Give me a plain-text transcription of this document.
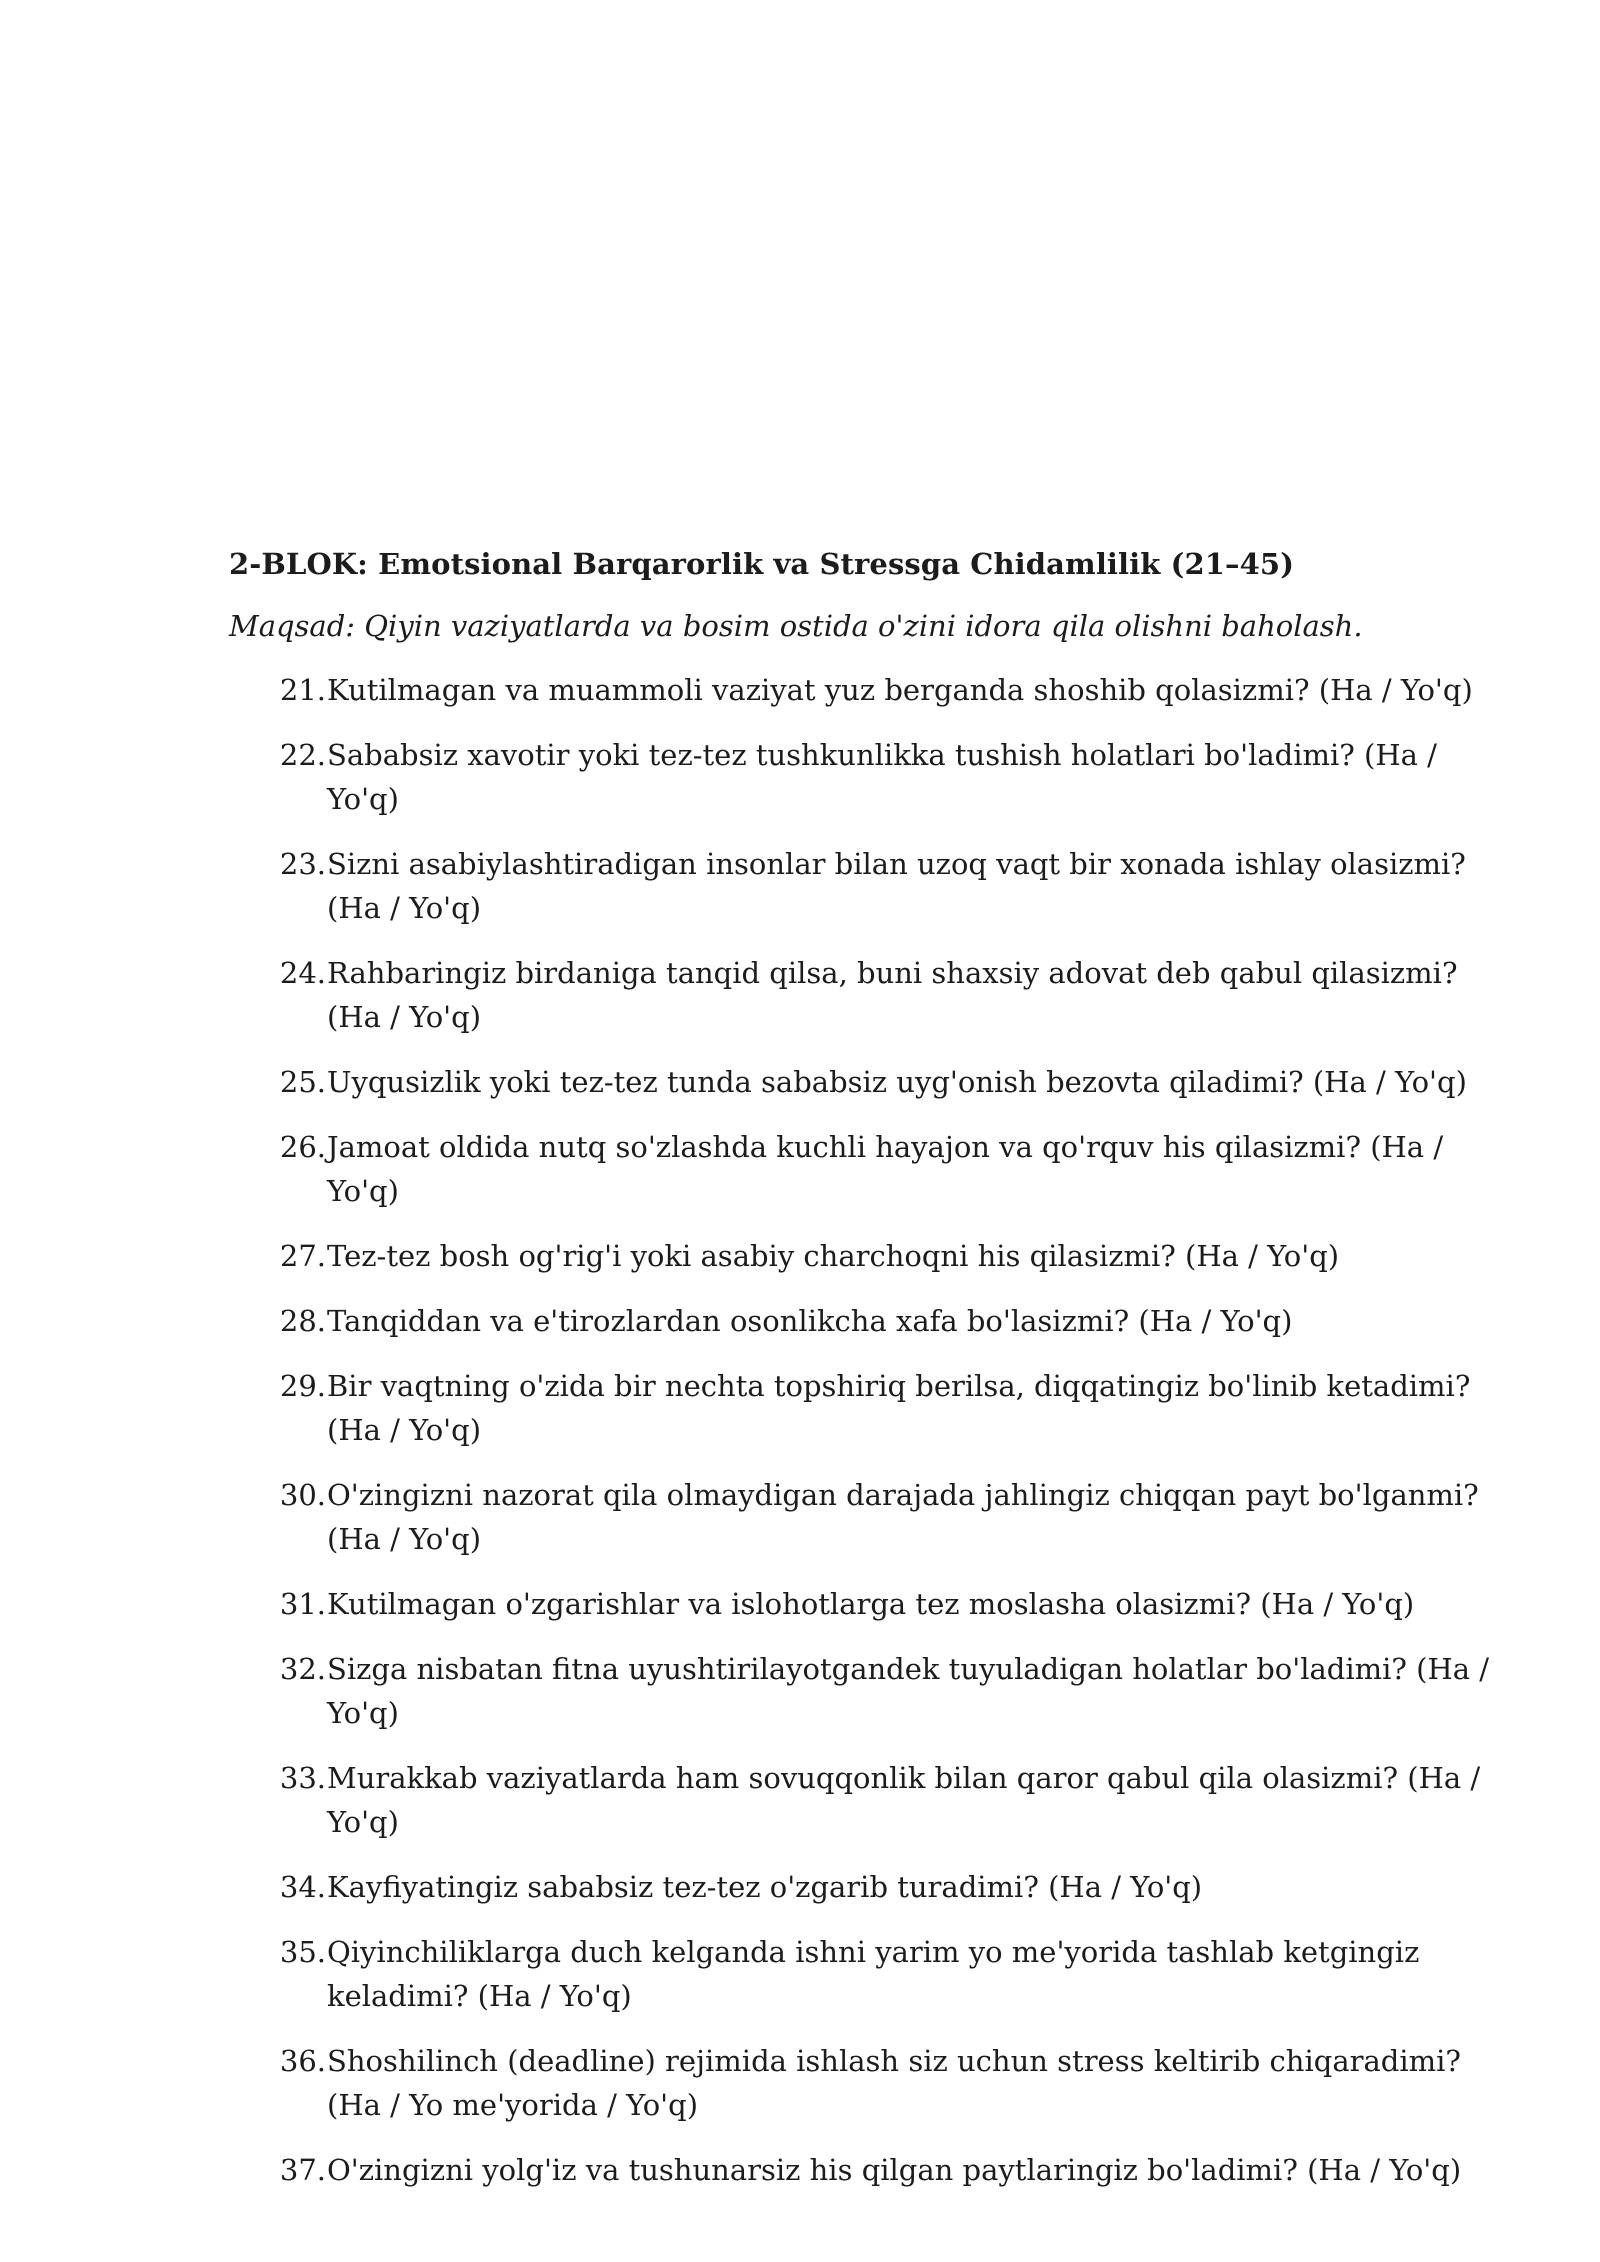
2-BLOK: Emotsional Barqarorlik va Stressga Chidamlilik (21–45)
Maqsad: Qiyin vaziyatlarda va bosim ostida o'zini idora qila olishni baholash.
21 . Kutilmagan va muammoli vaziyat yuz berganda shoshib qolasizmi? (Ha / Yo'q)
22 . Sababsiz xavotir yoki tez-tez tushkunlikka tushish holatlari bo'ladimi? (Ha / Yo'q)
23 . Sizni asabiylashtiradigan insonlar bilan uzoq vaqt bir xonada ishlay olasizmi? (Ha / Yo'q)
24 . Rahbaringiz birdaniga tanqid qilsa, buni shaxsiy adovat deb qabul qilasizmi? (Ha / Yo'q)
25 . Uyqusizlik yoki tez-tez tunda sababsiz uyg'onish bezovta qiladimi? (Ha / Yo'q)
26 . Jamoat oldida nutq so'zlashda kuchli hayajon va qo'rquv his qilasizmi? (Ha / Yo'q)
27 . Tez-tez bosh og'rig'i yoki asabiy charchoqni his qilasizmi? (Ha / Yo'q)
28 . Tanqiddan va e'tirozlardan osonlikcha xafa bo'lasizmi? (Ha / Yo'q)
29 . Bir vaqtning o'zida bir nechta topshiriq berilsa, diqqatingiz bo'linib ketadimi? (Ha / Yo'q)
30 . O'zingizni nazorat qila olmaydigan darajada jahlingiz chiqqan payt bo'lganmi? (Ha / Yo'q)
31 . Kutilmagan o'zgarishlar va islohotlarga tez moslasha olasizmi? (Ha / Yo'q)
32 . Sizga nisbatan fitna uyushtirilayotgandek tuyuladigan holatlar bo'ladimi? (Ha / Yo'q)
33 . Murakkab vaziyatlarda ham sovuqqonlik bilan qaror qabul qila olasizmi? (Ha / Yo'q)
34 . Kayfiyatingiz sababsiz tez-tez o'zgarib turadimi? (Ha / Yo'q)
35 . Qiyinchiliklarga duch kelganda ishni yarim yo me'yorida tashlab ketgingiz keladimi? (Ha / Yo'q)
36 . Shoshilinch (deadline) rejimida ishlash siz uchun stress keltirib chiqaradimi? (Ha / Yo me'yorida / Yo'q)
37 . O'zingizni yolg'iz va tushunarsiz his qilgan paytlaringiz bo'ladimi? (Ha / Yo'q)
